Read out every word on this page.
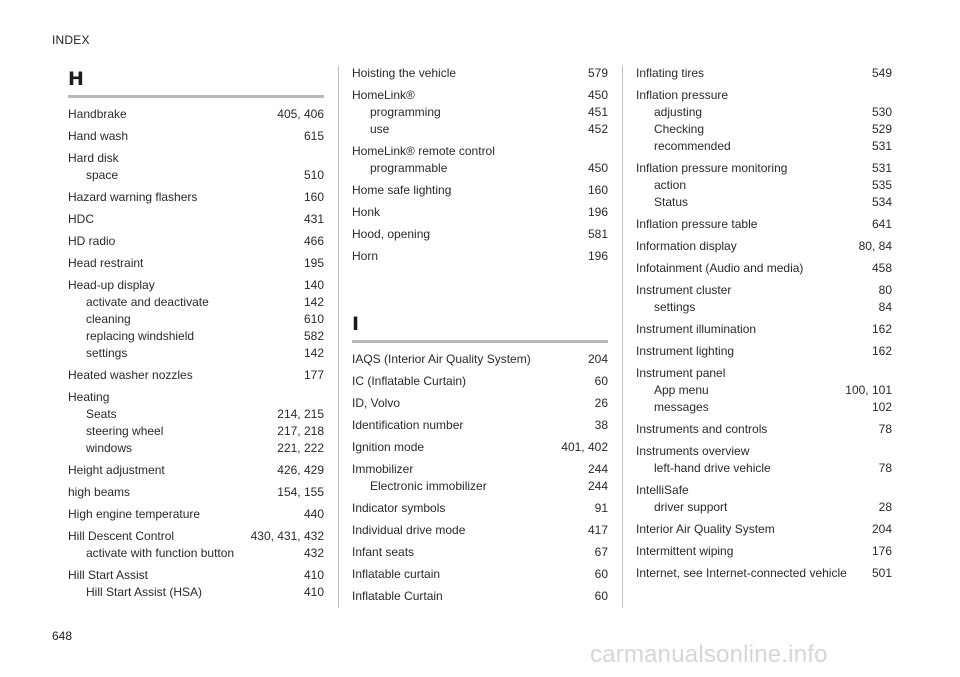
INDEX
H
Handbrake	405, 406
Hand wash	615
Hard disk
space	510
Hazard warning flashers	160
HDC	431
HD radio	466
Head restraint	195
Head-up display	140
activate and deactivate	142
cleaning	610
replacing windshield	582
settings	142
Heated washer nozzles	177
Heating
Seats	214, 215
steering wheel	217, 218
windows	221, 222
Height adjustment	426, 429
high beams	154, 155
High engine temperature	440
Hill Descent Control	430, 431, 432
activate with function button	432
Hill Start Assist	410
Hill Start Assist (HSA)	410
Hoisting the vehicle	579
HomeLink®	450
programming	451
use	452
HomeLink® remote control
programmable	450
Home safe lighting	160
Honk	196
Hood, opening	581
Horn	196
I
IAQS (Interior Air Quality System)	204
IC (Inflatable Curtain)	60
ID, Volvo	26
Identification number	38
Ignition mode	401, 402
Immobilizer	244
Electronic immobilizer	244
Indicator symbols	91
Individual drive mode	417
Infant seats	67
Inflatable curtain	60
Inflatable Curtain	60
Inflating tires	549
Inflation pressure
adjusting	530
Checking	529
recommended	531
Inflation pressure monitoring	531
action	535
Status	534
Inflation pressure table	641
Information display	80, 84
Infotainment (Audio and media)	458
Instrument cluster	80
settings	84
Instrument illumination	162
Instrument lighting	162
Instrument panel
App menu	100, 101
messages	102
Instruments and controls	78
Instruments overview
left-hand drive vehicle	78
IntelliSafe
driver support	28
Interior Air Quality System	204
Intermittent wiping	176
Internet, see Internet-connected vehicle	501
648
carmanualsonline.info
